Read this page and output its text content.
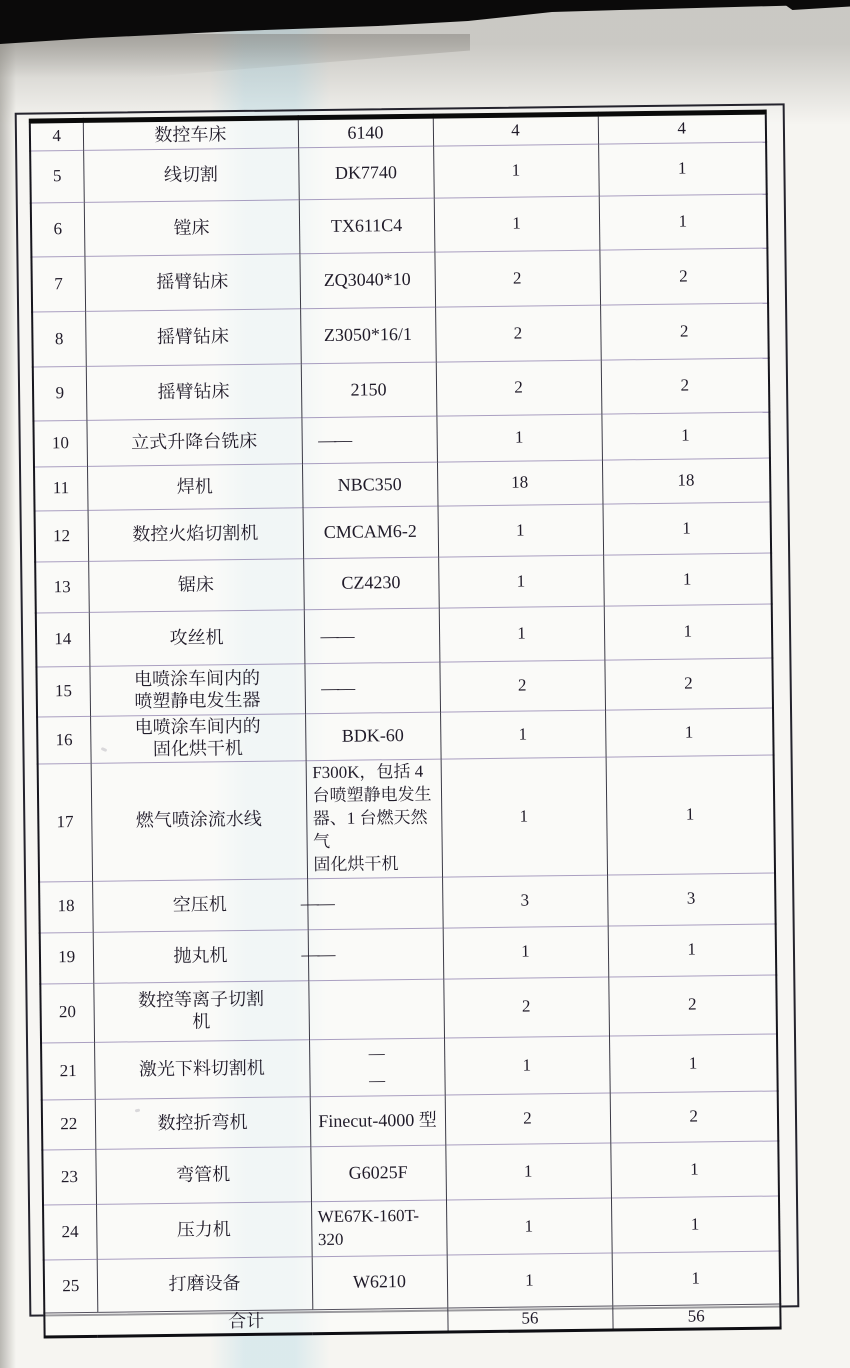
4	数控车床	6140	4	4
5	线切割	DK7740	1	1
6	镗床	TX611C4	1	1
7	摇臂钻床	ZQ3040*10	2	2
8	摇臂钻床	Z3050*16/1	2	2
9	摇臂钻床	2150	2	2
10	立式升降台铣床	——	1	1
11	焊机	NBC350	18	18
12	数控火焰切割机	CMCAM6-2	1	1
13	锯床	CZ4230	1	1
14	攻丝机	——	1	1
15	电喷涂车间内的
喷塑静电发生器	——	2	2
16	电喷涂车间内的
固化烘干机	BDK-60	1	1
17	燃气喷涂流水线	F300K，包括 4
台喷塑静电发生
器、1 台燃天然气
固化烘干机	1	1
18	空压机	——	3	3
19	抛丸机	——	1	1
20	数控等离子切割
机		2	2
21	激光下料切割机	—
—	1	1
22	数控折弯机	Finecut-4000 型	2	2
23	弯管机	G6025F	1	1
24	压力机	WE67K-160T-
320	1	1
25	打磨设备	W6210	1	1
合计			56	56
